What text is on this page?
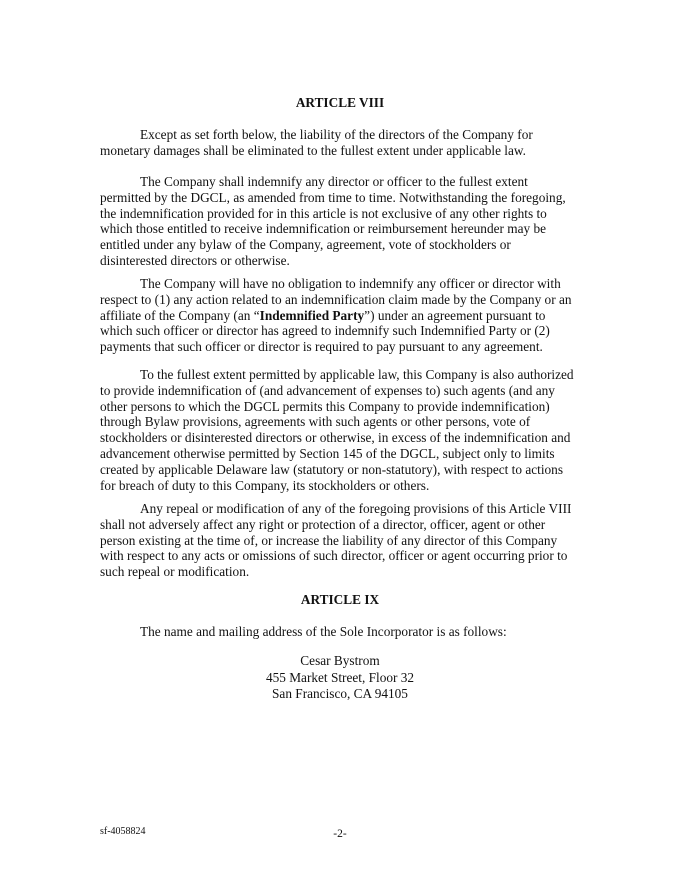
ARTICLE VIII

Except as set forth below, the liability of the directors of the Company for monetary damages shall be eliminated to the fullest extent under applicable law.

The Company shall indemnify any director or officer to the fullest extent permitted by the DGCL, as amended from time to time. Notwithstanding the foregoing, the indemnification provided for in this article is not exclusive of any other rights to which those entitled to receive indemnification or reimbursement hereunder may be entitled under any bylaw of the Company, agreement, vote of stockholders or disinterested directors or otherwise.

The Company will have no obligation to indemnify any officer or director with respect to (1) any action related to an indemnification claim made by the Company or an affiliate of the Company (an “Indemnified Party”) under an agreement pursuant to which such officer or director has agreed to indemnify such Indemnified Party or (2) payments that such officer or director is required to pay pursuant to any agreement.

To the fullest extent permitted by applicable law, this Company is also authorized to provide indemnification of (and advancement of expenses to) such agents (and any other persons to which the DGCL permits this Company to provide indemnification) through Bylaw provisions, agreements with such agents or other persons, vote of stockholders or disinterested directors or otherwise, in excess of the indemnification and advancement otherwise permitted by Section 145 of the DGCL, subject only to limits created by applicable Delaware law (statutory or non-statutory), with respect to actions for breach of duty to this Company, its stockholders or others.

Any repeal or modification of any of the foregoing provisions of this Article VIII shall not adversely affect any right or protection of a director, officer, agent or other person existing at the time of, or increase the liability of any director of this Company with respect to any acts or omissions of such director, officer or agent occurring prior to such repeal or modification.

ARTICLE IX

The name and mailing address of the Sole Incorporator is as follows:

Cesar Bystrom
455 Market Street, Floor 32
San Francisco, CA 94105
sf-4058824	-2-
